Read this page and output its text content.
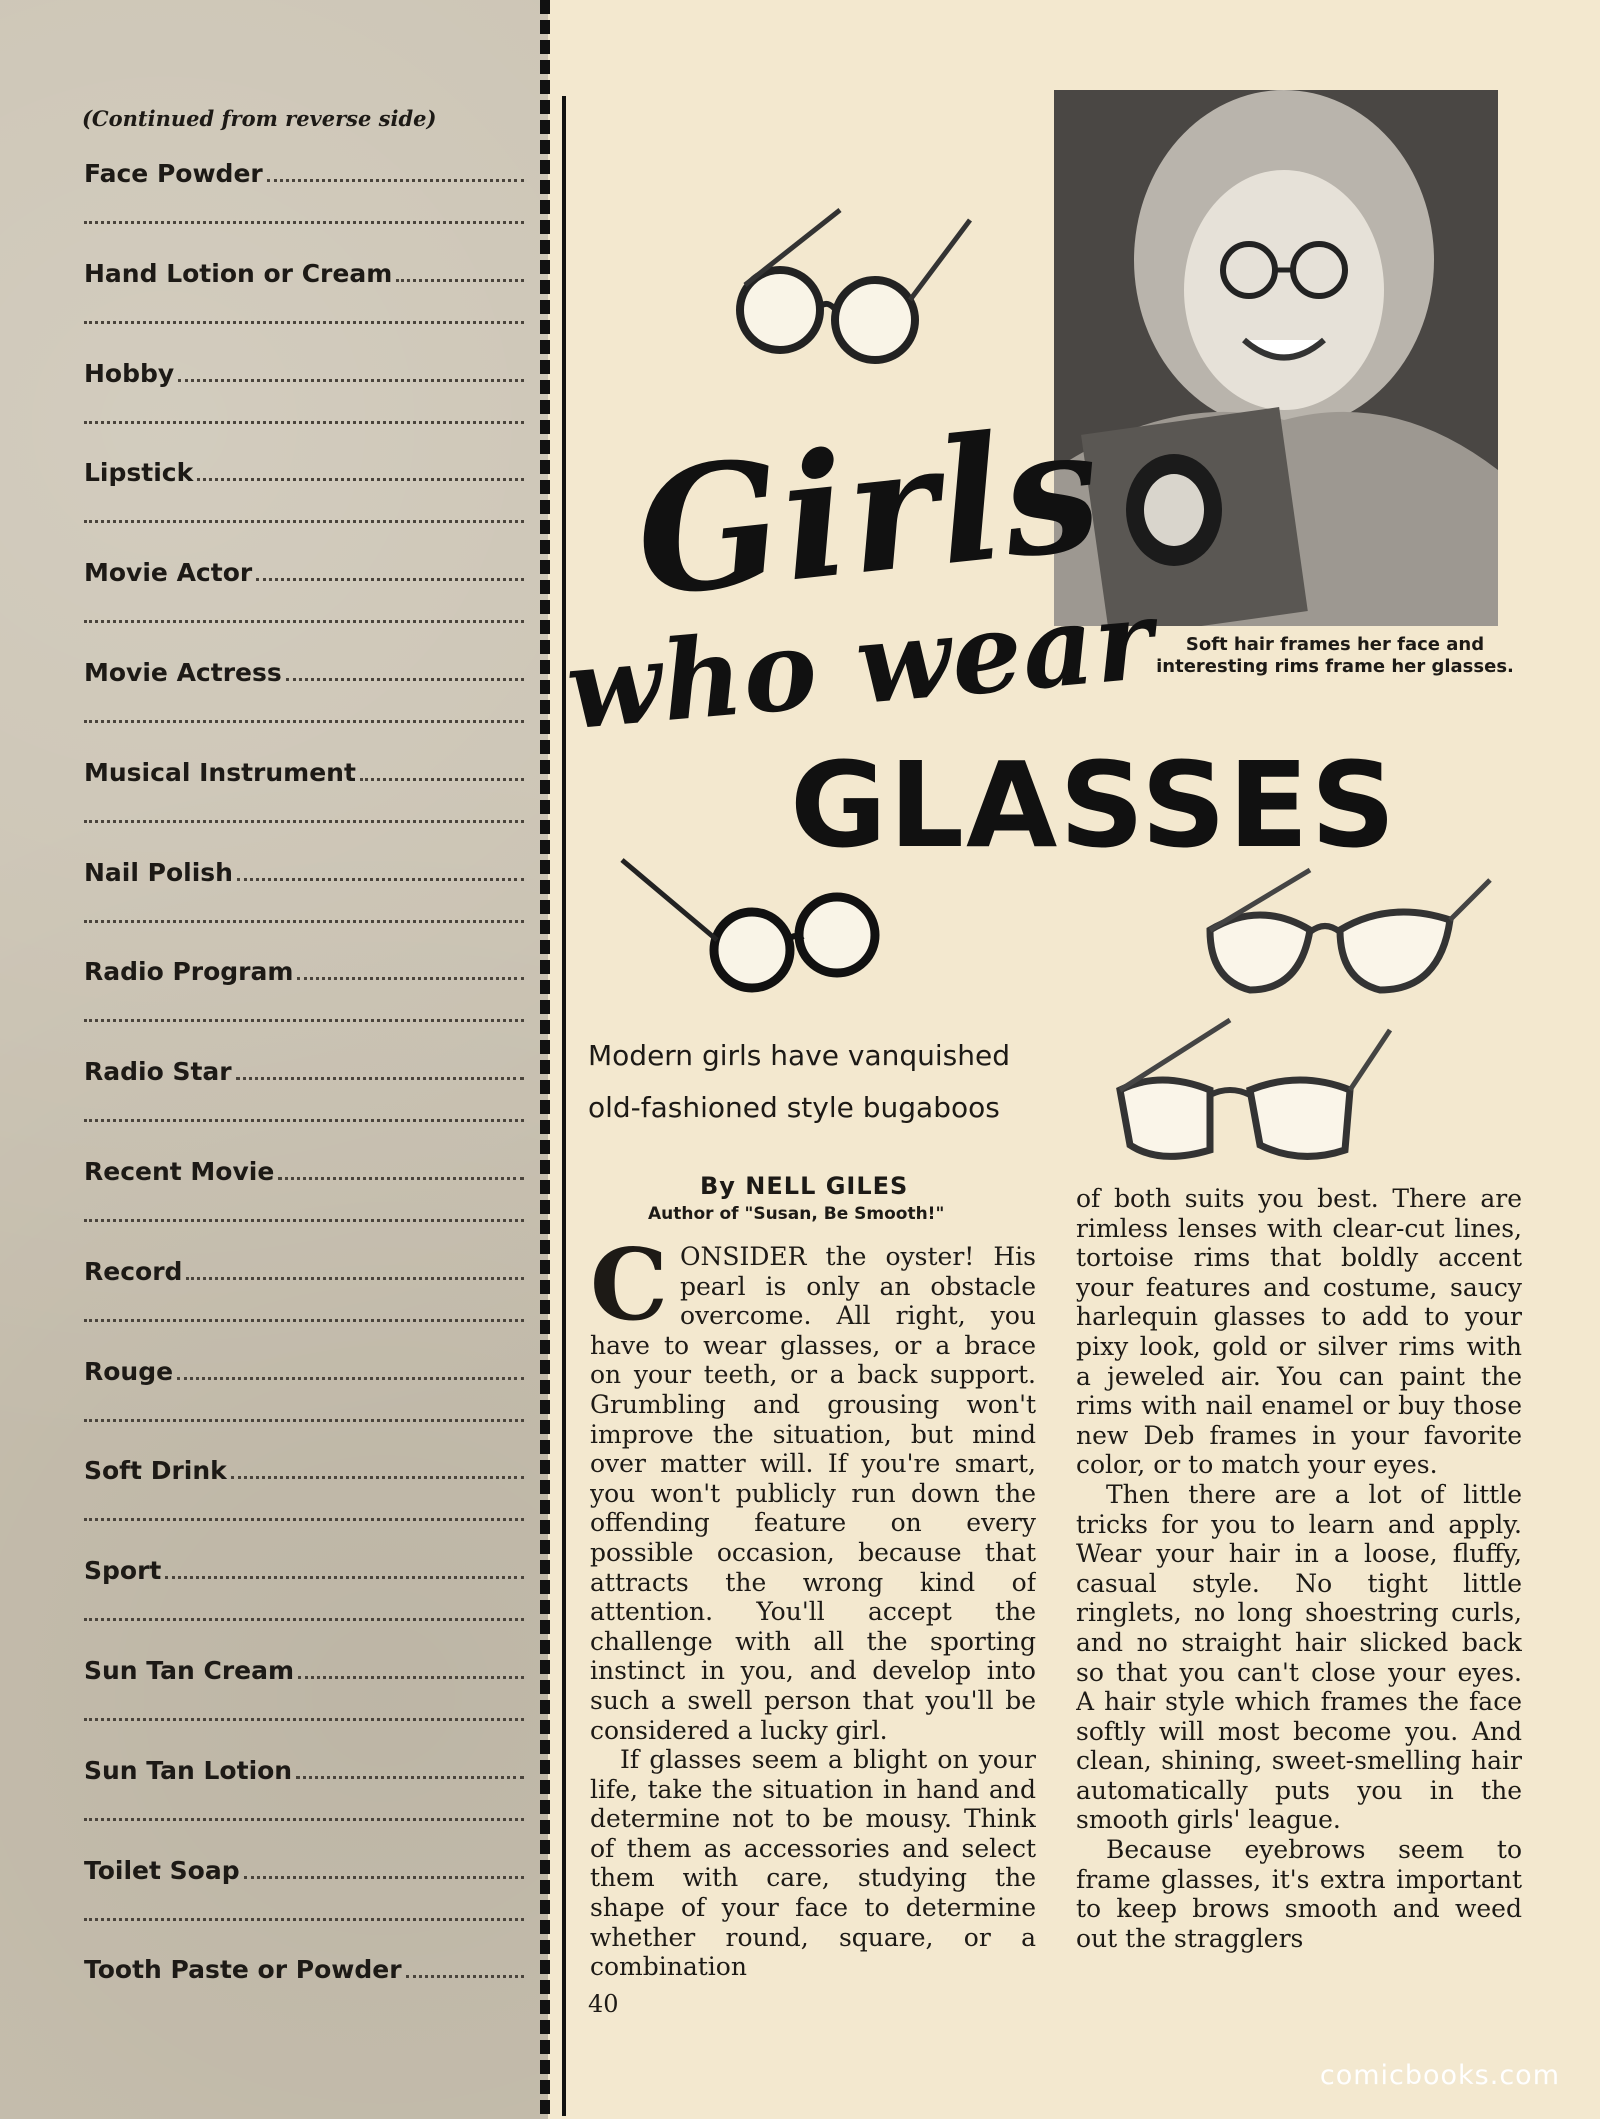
(Continued from reverse side)
Face Powder
Hand Lotion or Cream
Hobby
Lipstick
Movie Actor
Movie Actress
Musical Instrument
Nail Polish
Radio Program
Radio Star
Recent Movie
Record
Rouge
Soft Drink
Sport
Sun Tan Cream
Sun Tan Lotion
Toilet Soap
Tooth Paste or Powder
Soft hair frames her face and interesting rims frame her glasses.
Girls
who wear
GLASSES
Modern girls have vanquished old-fashioned style bugaboos
By NELL GILES
Author of "Susan, Be Smooth!"

CONSIDER the oyster! His pearl is only an obstacle overcome. All right, you have to wear glasses, or a brace on your teeth, or a back support. Grumbling and grousing won't improve the situation, but mind over matter will. If you're smart, you won't publicly run down the offending feature on every possible occasion, because that attracts the wrong kind of attention. You'll accept the challenge with all the sporting instinct in you, and develop into such a swell person that you'll be considered a lucky girl.

If glasses seem a blight on your life, take the situation in hand and determine not to be mousy. Think of them as accessories and select them with care, studying the shape of your face to determine whether round, square, or a combination

of both suits you best. There are rimless lenses with clear-cut lines, tortoise rims that boldly accent your features and costume, saucy harlequin glasses to add to your pixy look, gold or silver rims with a jeweled air. You can paint the rims with nail enamel or buy those new Deb frames in your favorite color, or to match your eyes.

Then there are a lot of little tricks for you to learn and apply. Wear your hair in a loose, fluffy, casual style. No tight little ringlets, no long shoestring curls, and no straight hair slicked back so that you can't close your eyes. A hair style which frames the face softly will most become you. And clean, shining, sweet-smelling hair automatically puts you in the smooth girls' league.

Because eyebrows seem to frame glasses, it's extra important to keep brows smooth and weed out the stragglers

40
comicbooks.com
